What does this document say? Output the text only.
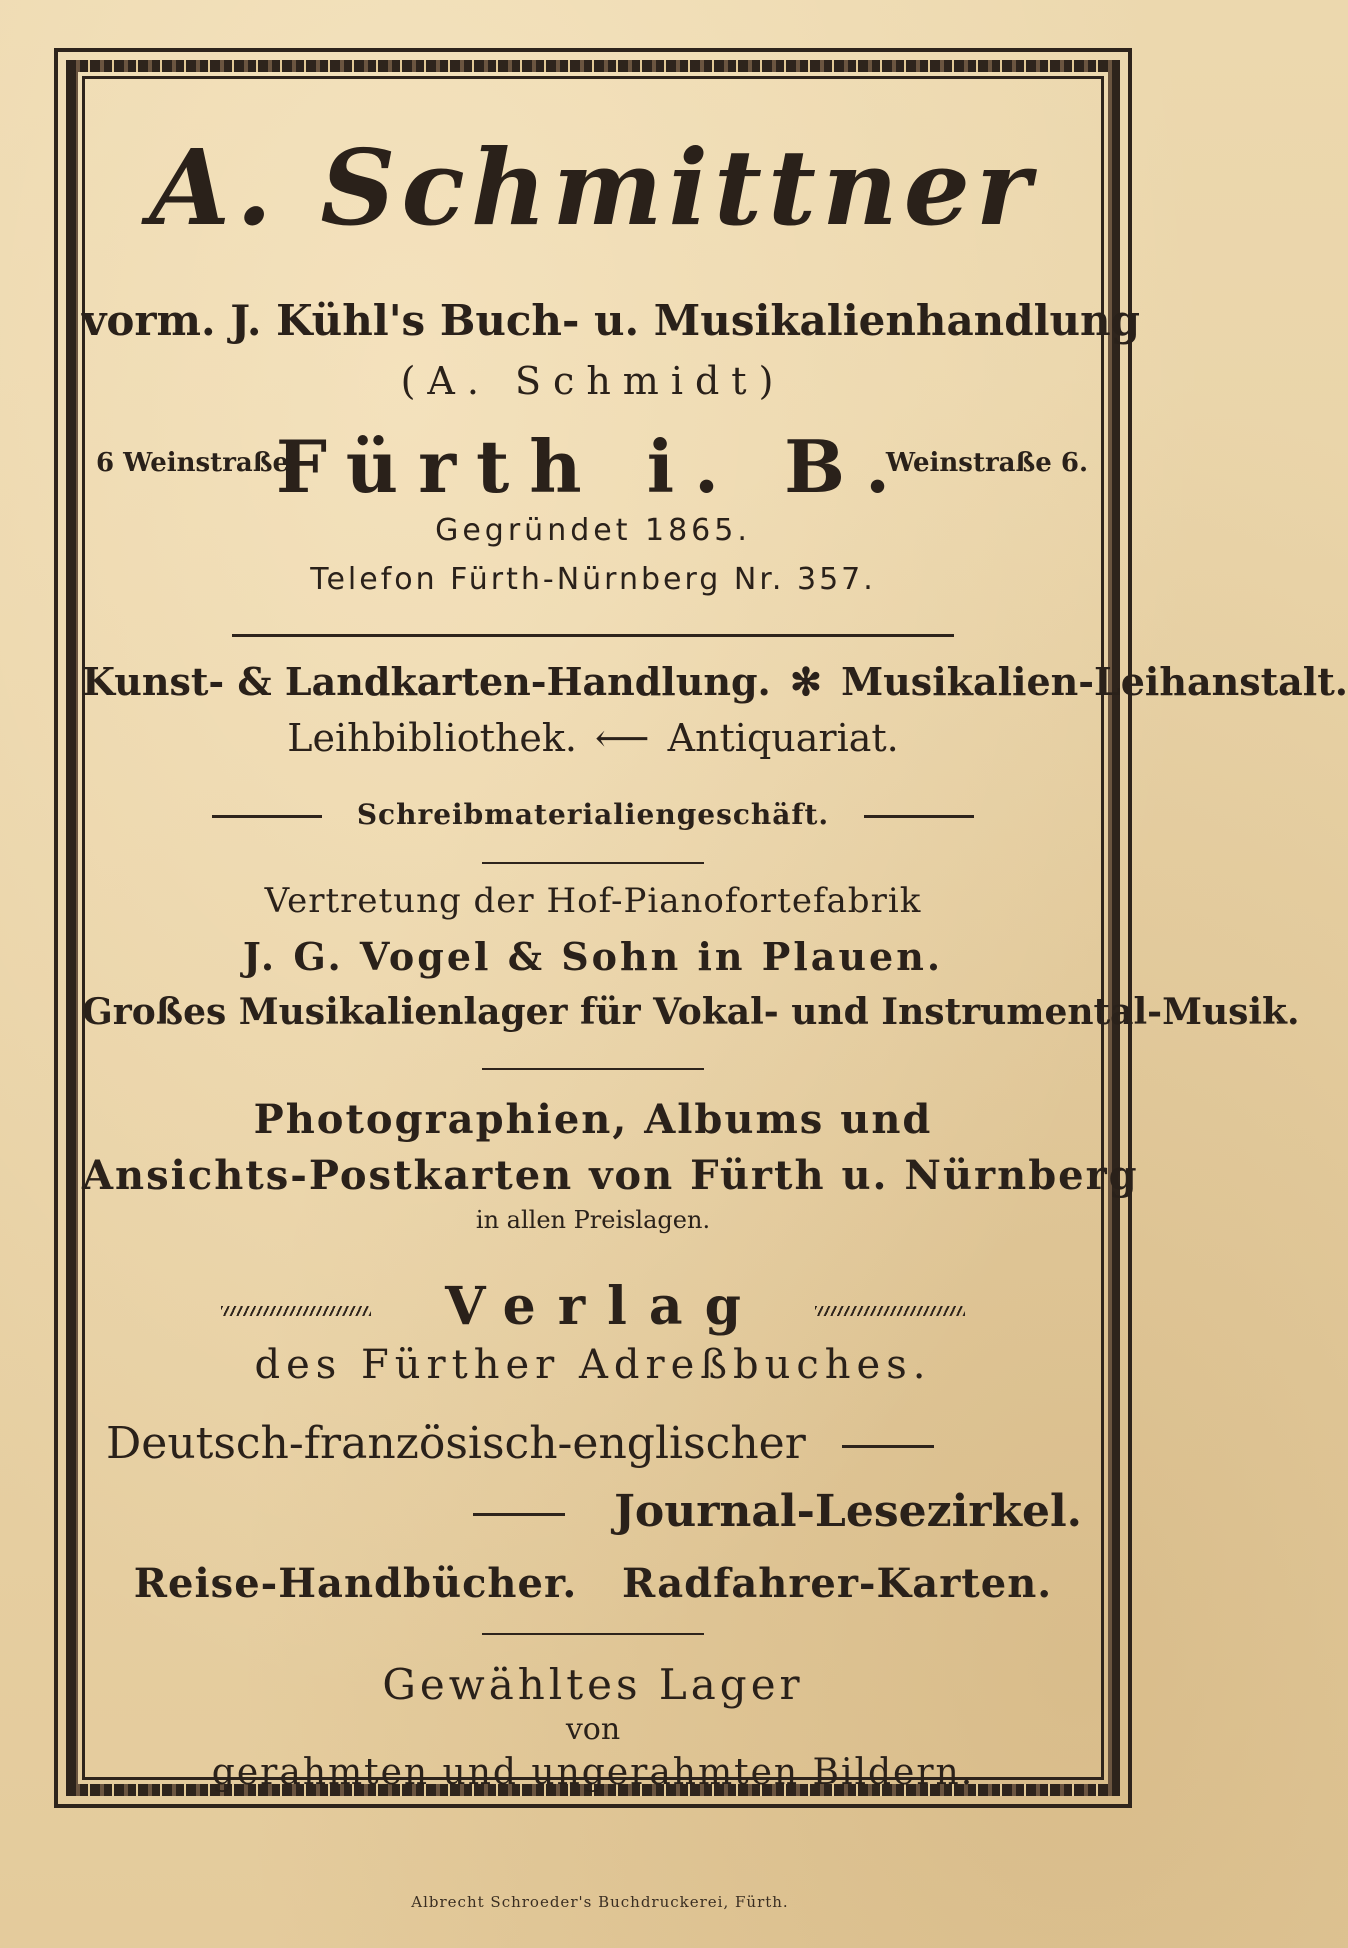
A. Schmittner
vorm. J. Kühl's Buch- u. Musikalienhandlung
(A. Schmidt)
Fürth i. B.
6 Weinstraße	Weinstraße 6.
Gegründet 1865.
Telefon Fürth-Nürnberg Nr. 357.
Kunst- & Landkarten-Handlung. ✻ Musikalien-Leihanstalt.
Leihbibliothek. ⟵ Antiquariat.
Schreibmaterialiengeschäft.
Vertretung der Hof-Pianofortefabrik
J. G. Vogel & Sohn in Plauen.
Großes Musikalienlager für Vokal- und Instrumental-Musik.
Photographien, Albums und
Ansichts-Postkarten von Fürth u. Nürnberg
in allen Preislagen.
Verlag
des Fürther Adreßbuches.
Deutsch-französisch-englischer
Journal-Lesezirkel.
Reise-Handbücher.   Radfahrer-Karten.
Gewähltes Lager
von
gerahmten und ungerahmten Bildern.
Albrecht Schroeder's Buchdruckerei, Fürth.
